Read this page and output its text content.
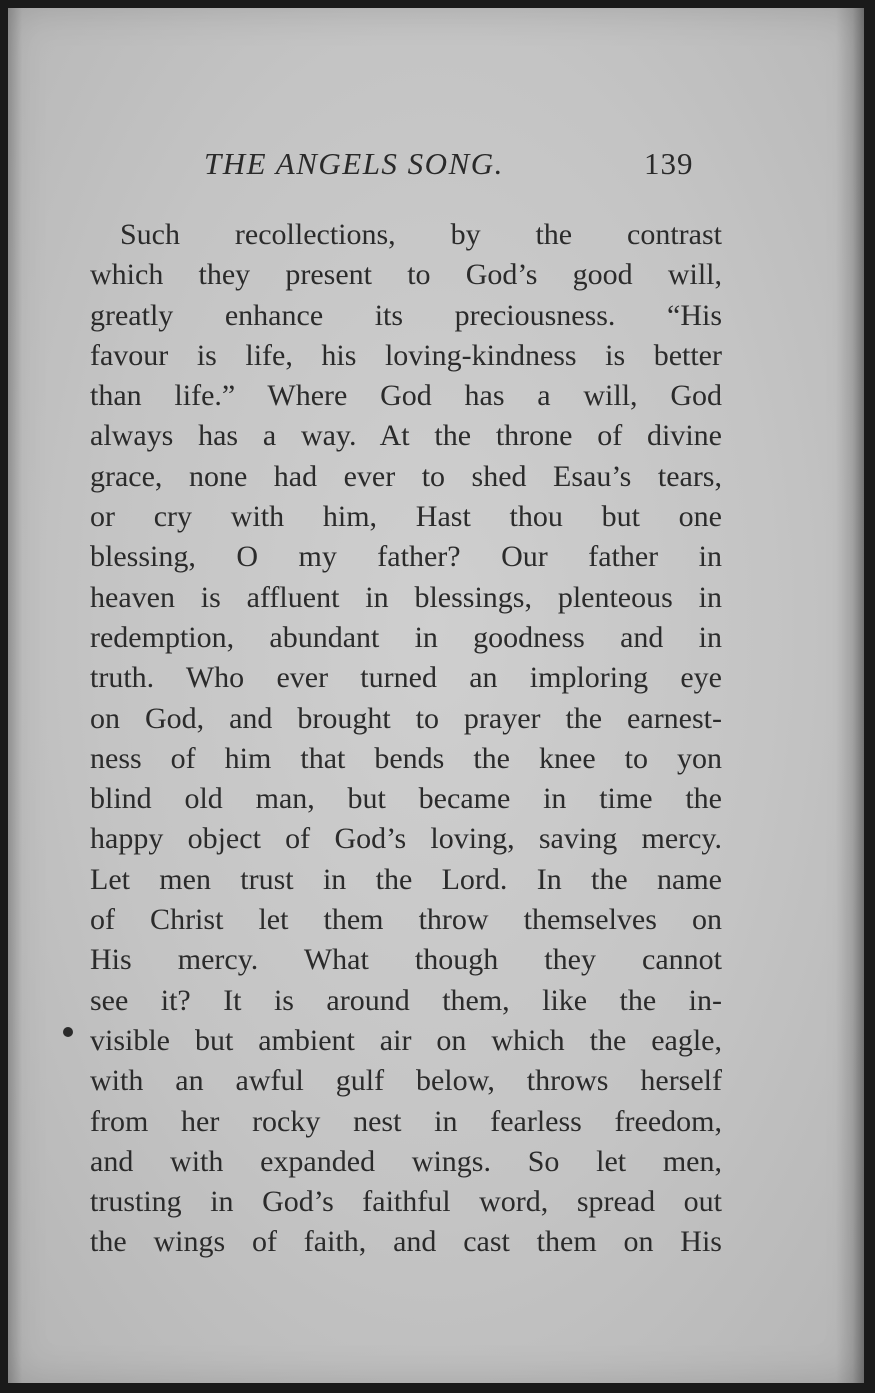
THE ANGELS SONG.	139
Such recollections, by the contrast
which they present to God’s good will,
greatly enhance its preciousness. “His
favour is life, his loving-kindness is better
than life.” Where God has a will, God
always has a way. At the throne of divine
grace, none had ever to shed Esau’s tears,
or cry with him, Hast thou but one
blessing, O my father? Our father in
heaven is affluent in blessings, plenteous in
redemption, abundant in goodness and in
truth. Who ever turned an imploring eye
on God, and brought to prayer the earnest-
ness of him that bends the knee to yon
blind old man, but became in time the
happy object of God’s loving, saving mercy.
Let men trust in the Lord. In the name
of Christ let them throw themselves on
His mercy. What though they cannot
see it? It is around them, like the in-
visible but ambient air on which the eagle,
with an awful gulf below, throws herself
from her rocky nest in fearless freedom,
and with expanded wings. So let men,
trusting in God’s faithful word, spread out
the wings of faith, and cast them on His
